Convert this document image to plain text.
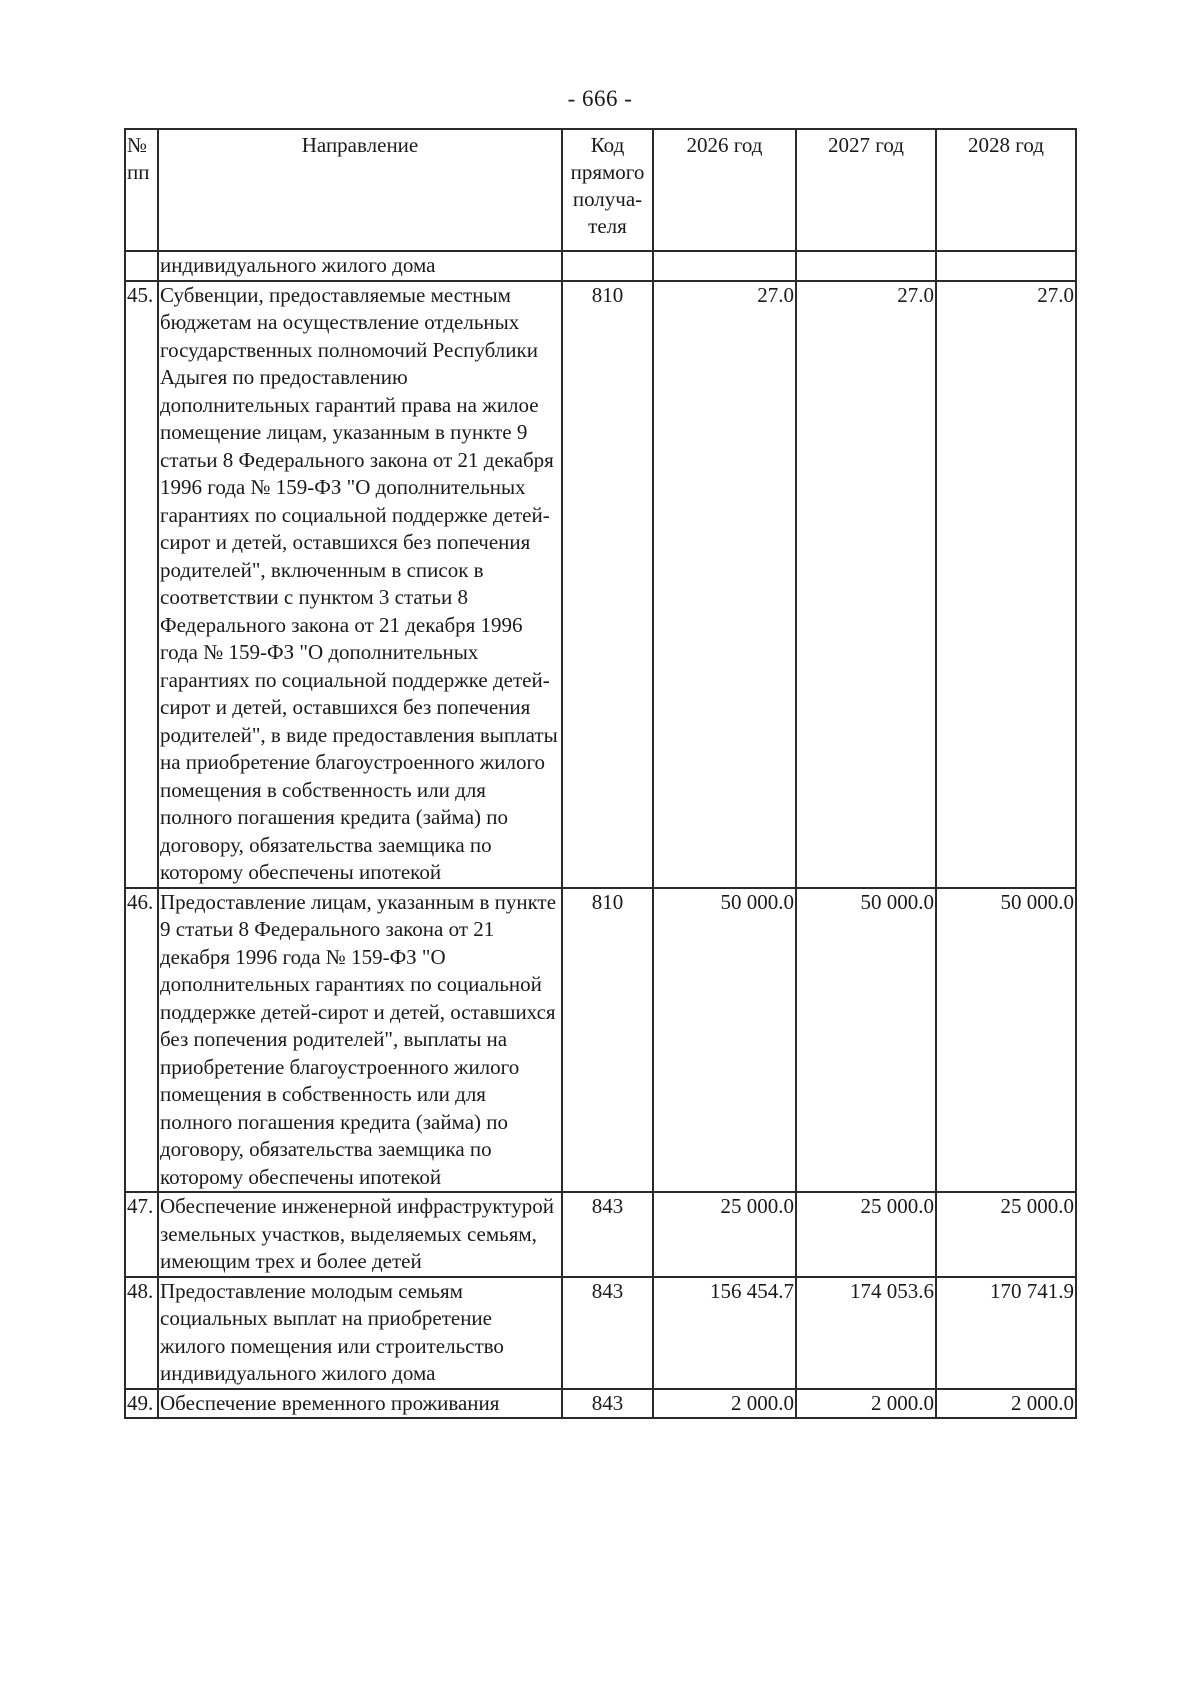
- 666 -
№ пп	Направление	Код прямого получа- теля	2026 год	2027 год	2028 год
	индивидуального жилого дома				
45.	Субвенции, предоставляемые местным бюджетам на осуществление отдельных государственных полномочий Республики Адыгея по предоставлению дополнительных гарантий права на жилое помещение лицам, указанным в пункте 9 статьи 8 Федерального закона от 21 декабря 1996 года № 159-ФЗ "О дополнительных гарантиях по социальной поддержке детей-сирот и детей, оставшихся без попечения родителей", включенным в список в соответствии с пунктом 3 статьи 8 Федерального закона от 21 декабря 1996 года № 159-ФЗ "О дополнительных гарантиях по социальной поддержке детей-сирот и детей, оставшихся без попечения родителей", в виде предоставления выплаты на приобретение благоустроенного жилого помещения в собственность или для полного погашения кредита (займа) по договору, обязательства заемщика по которому обеспечены ипотекой	810	27.0	27.0	27.0
46.	Предоставление лицам, указанным в пункте 9 статьи 8 Федерального закона от 21 декабря 1996 года № 159-ФЗ "О дополнительных гарантиях по социальной поддержке детей-сирот и детей, оставшихся без попечения родителей", выплаты на приобретение благоустроенного жилого помещения в собственность или для полного погашения кредита (займа) по договору, обязательства заемщика по которому обеспечены ипотекой	810	50 000.0	50 000.0	50 000.0
47.	Обеспечение инженерной инфраструктурой земельных участков, выделяемых семьям, имеющим трех и более детей	843	25 000.0	25 000.0	25 000.0
48.	Предоставление молодым семьям социальных выплат на приобретение жилого помещения или строительство индивидуального жилого дома	843	156 454.7	174 053.6	170 741.9
49.	Обеспечение временного проживания	843	2 000.0	2 000.0	2 000.0
